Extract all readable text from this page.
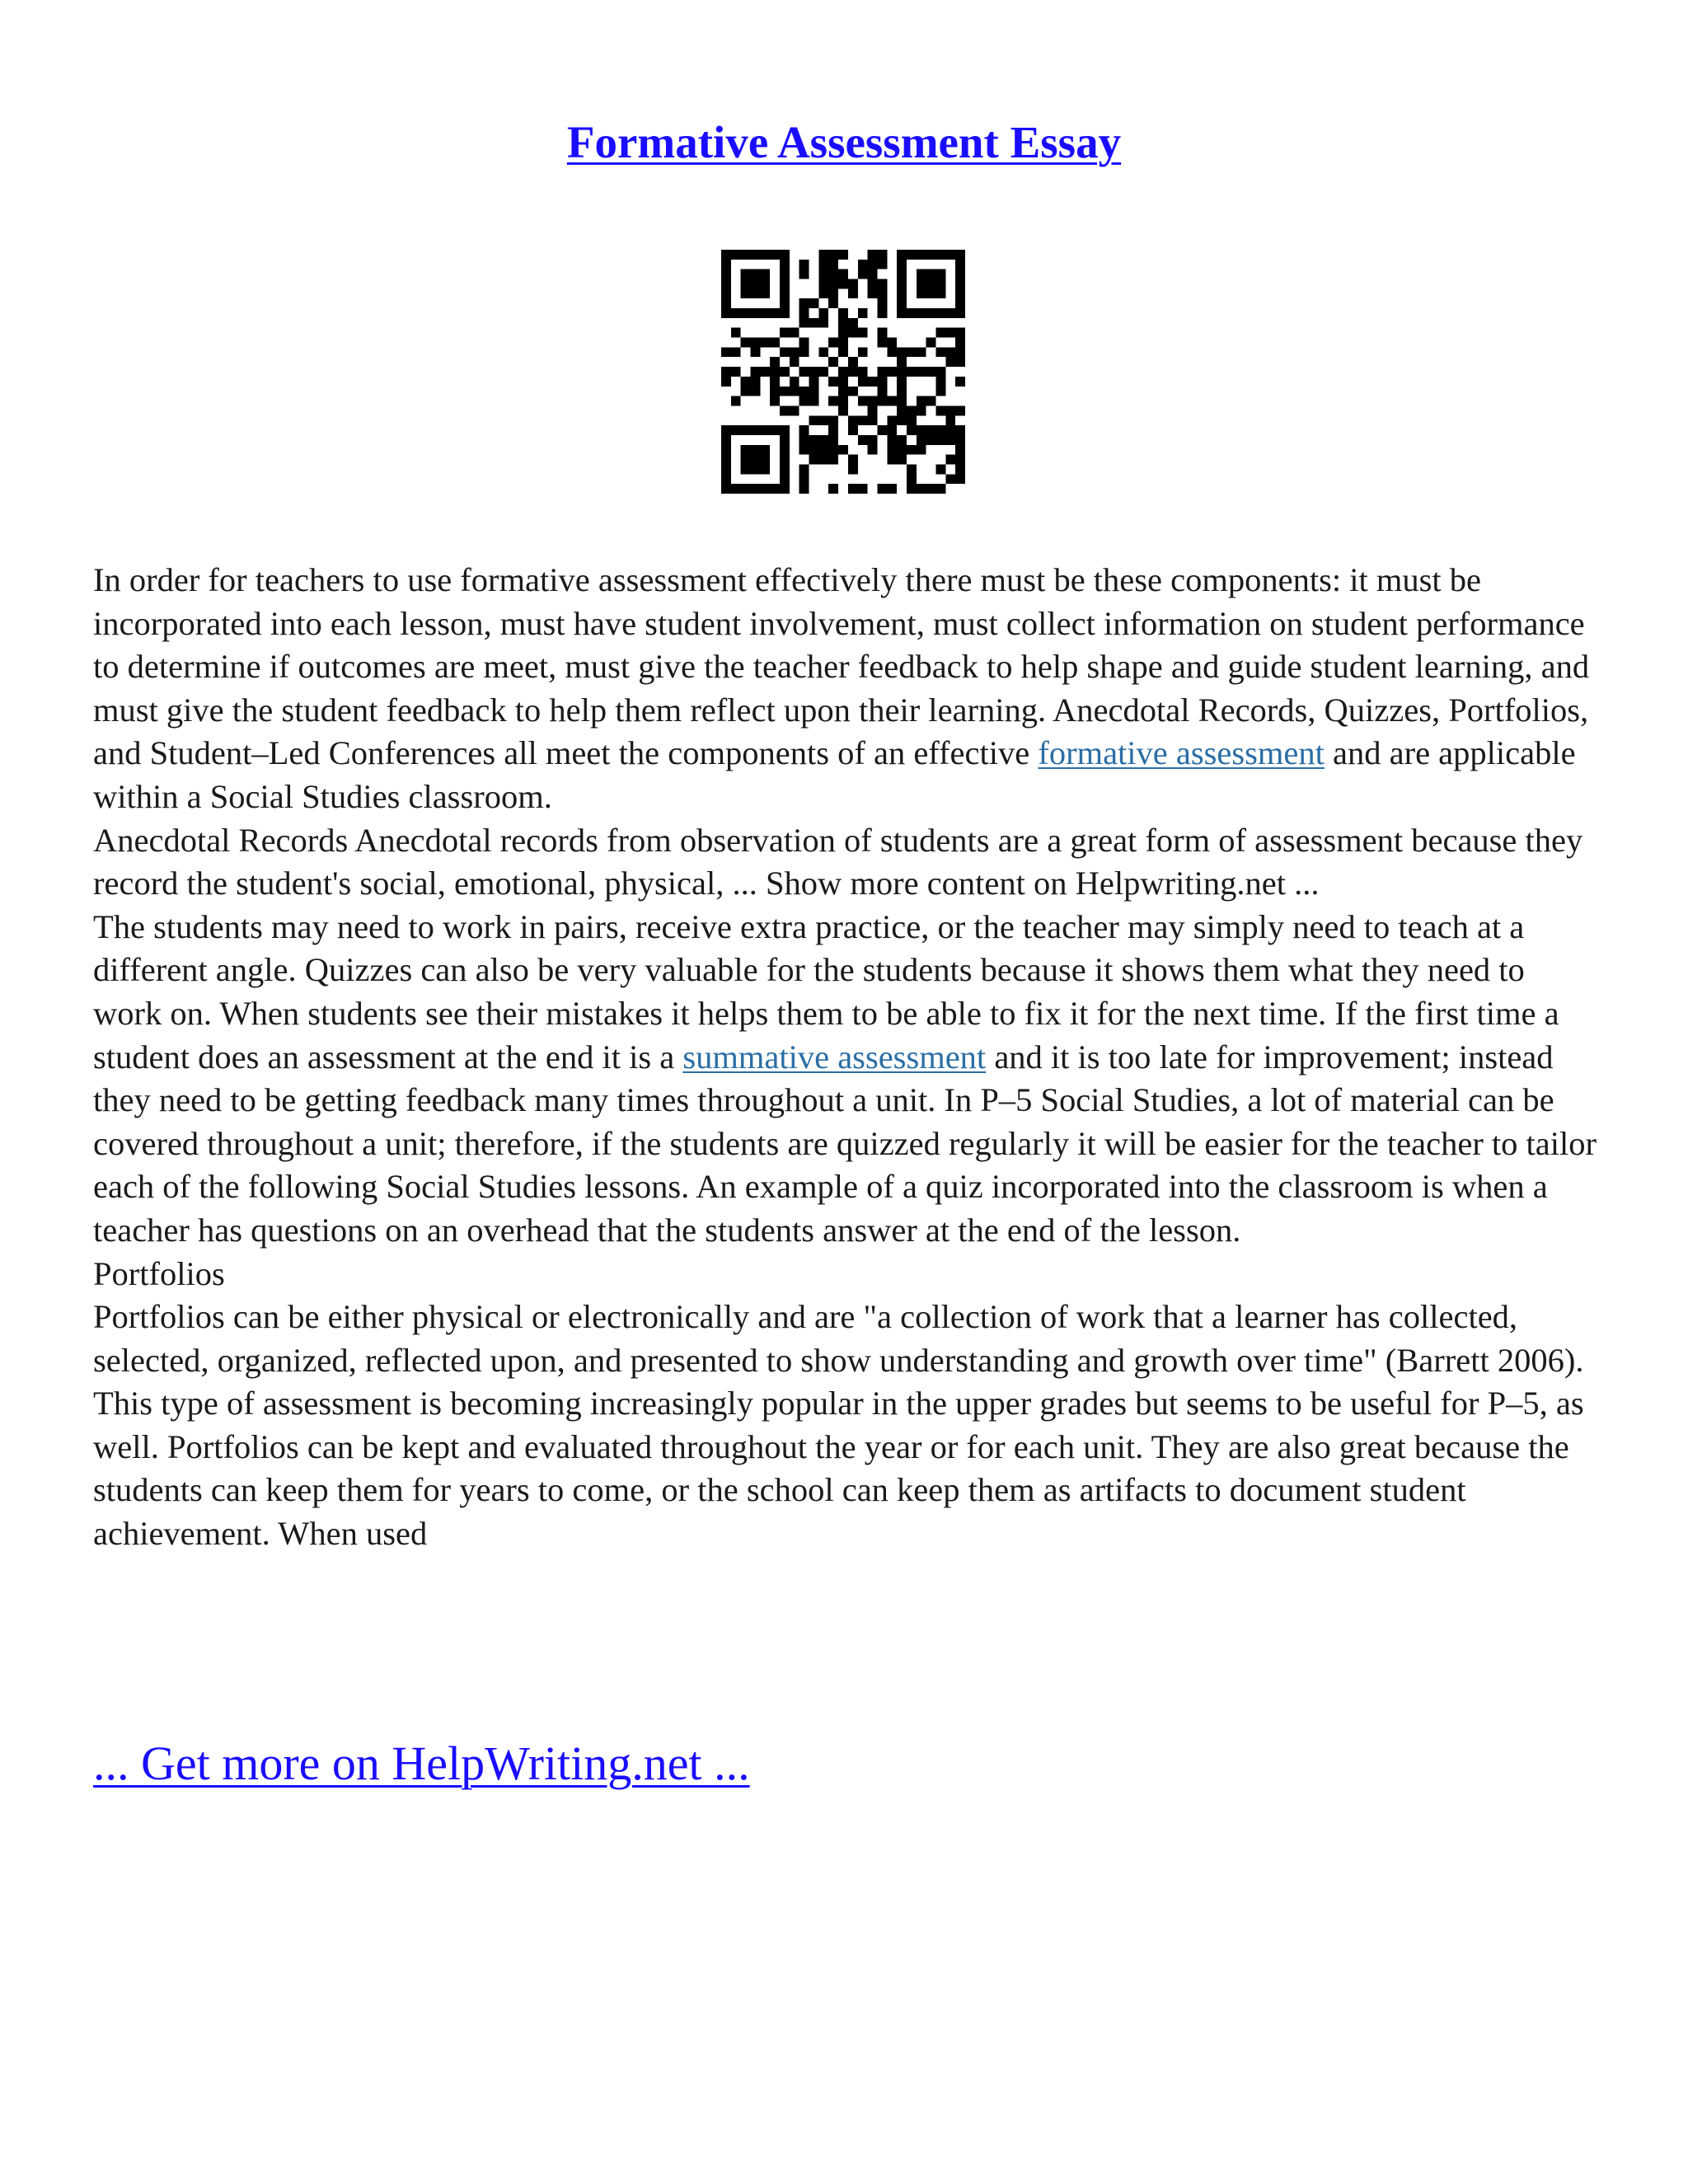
Formative Assessment Essay

In order for teachers to use formative assessment effectively there must be these components: it must be incorporated into each lesson, must have student involvement, must collect information on student performance to determine if outcomes are meet, must give the teacher feedback to help shape and guide student learning, and must give the student feedback to help them reflect upon their learning. Anecdotal Records, Quizzes, Portfolios, and Student–Led Conferences all meet the components of an effective formative assessment and are applicable within a Social Studies classroom.

Anecdotal Records Anecdotal records from observation of students are a great form of assessment because they record the student's social, emotional, physical, ... Show more content on Helpwriting.net ...

The students may need to work in pairs, receive extra practice, or the teacher may simply need to teach at a different angle. Quizzes can also be very valuable for the students because it shows them what they need to work on. When students see their mistakes it helps them to be able to fix it for the next time. If the first time a student does an assessment at the end it is a summative assessment and it is too late for improvement; instead they need to be getting feedback many times throughout a unit. In P–5 Social Studies, a lot of material can be covered throughout a unit; therefore, if the students are quizzed regularly it will be easier for the teacher to tailor each of the following Social Studies lessons. An example of a quiz incorporated into the classroom is when a teacher has questions on an overhead that the students answer at the end of the lesson.

Portfolios

Portfolios can be either physical or electronically and are "a collection of work that a learner has collected, selected, organized, reflected upon, and presented to show understanding and growth over time" (Barrett 2006). This type of assessment is becoming increasingly popular in the upper grades but seems to be useful for P–5, as well. Portfolios can be kept and evaluated throughout the year or for each unit. They are also great because the students can keep them for years to come, or the school can keep them as artifacts to document student achievement. When used

... Get more on HelpWriting.net ...
